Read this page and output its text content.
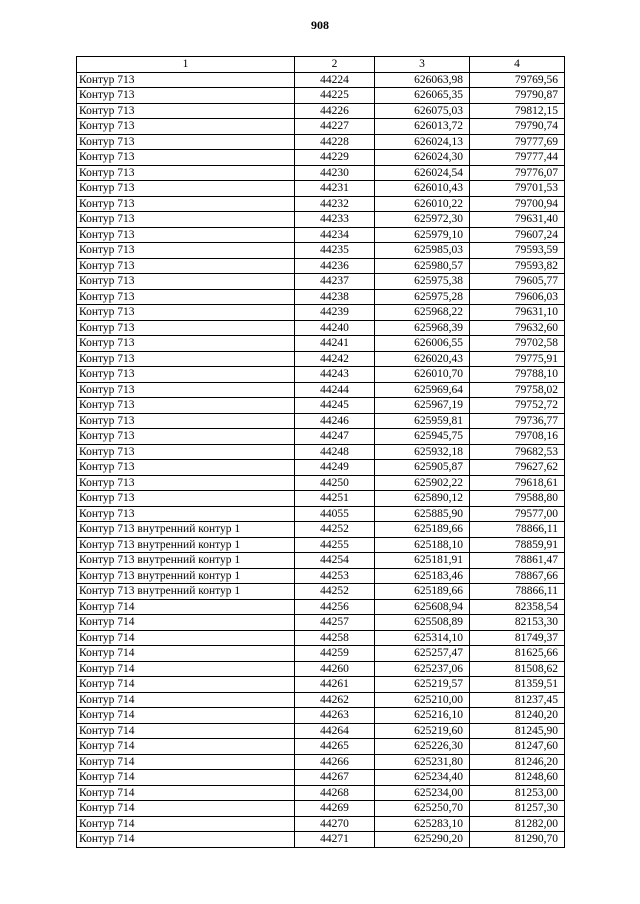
908
1	2	3	4
Контур 713	44224	626063,98	79769,56
Контур 713	44225	626065,35	79790,87
Контур 713	44226	626075,03	79812,15
Контур 713	44227	626013,72	79790,74
Контур 713	44228	626024,13	79777,69
Контур 713	44229	626024,30	79777,44
Контур 713	44230	626024,54	79776,07
Контур 713	44231	626010,43	79701,53
Контур 713	44232	626010,22	79700,94
Контур 713	44233	625972,30	79631,40
Контур 713	44234	625979,10	79607,24
Контур 713	44235	625985,03	79593,59
Контур 713	44236	625980,57	79593,82
Контур 713	44237	625975,38	79605,77
Контур 713	44238	625975,28	79606,03
Контур 713	44239	625968,22	79631,10
Контур 713	44240	625968,39	79632,60
Контур 713	44241	626006,55	79702,58
Контур 713	44242	626020,43	79775,91
Контур 713	44243	626010,70	79788,10
Контур 713	44244	625969,64	79758,02
Контур 713	44245	625967,19	79752,72
Контур 713	44246	625959,81	79736,77
Контур 713	44247	625945,75	79708,16
Контур 713	44248	625932,18	79682,53
Контур 713	44249	625905,87	79627,62
Контур 713	44250	625902,22	79618,61
Контур 713	44251	625890,12	79588,80
Контур 713	44055	625885,90	79577,00
Контур 713 внутренний контур 1	44252	625189,66	78866,11
Контур 713 внутренний контур 1	44255	625188,10	78859,91
Контур 713 внутренний контур 1	44254	625181,91	78861,47
Контур 713 внутренний контур 1	44253	625183,46	78867,66
Контур 713 внутренний контур 1	44252	625189,66	78866,11
Контур 714	44256	625608,94	82358,54
Контур 714	44257	625508,89	82153,30
Контур 714	44258	625314,10	81749,37
Контур 714	44259	625257,47	81625,66
Контур 714	44260	625237,06	81508,62
Контур 714	44261	625219,57	81359,51
Контур 714	44262	625210,00	81237,45
Контур 714	44263	625216,10	81240,20
Контур 714	44264	625219,60	81245,90
Контур 714	44265	625226,30	81247,60
Контур 714	44266	625231,80	81246,20
Контур 714	44267	625234,40	81248,60
Контур 714	44268	625234,00	81253,00
Контур 714	44269	625250,70	81257,30
Контур 714	44270	625283,10	81282,00
Контур 714	44271	625290,20	81290,70
